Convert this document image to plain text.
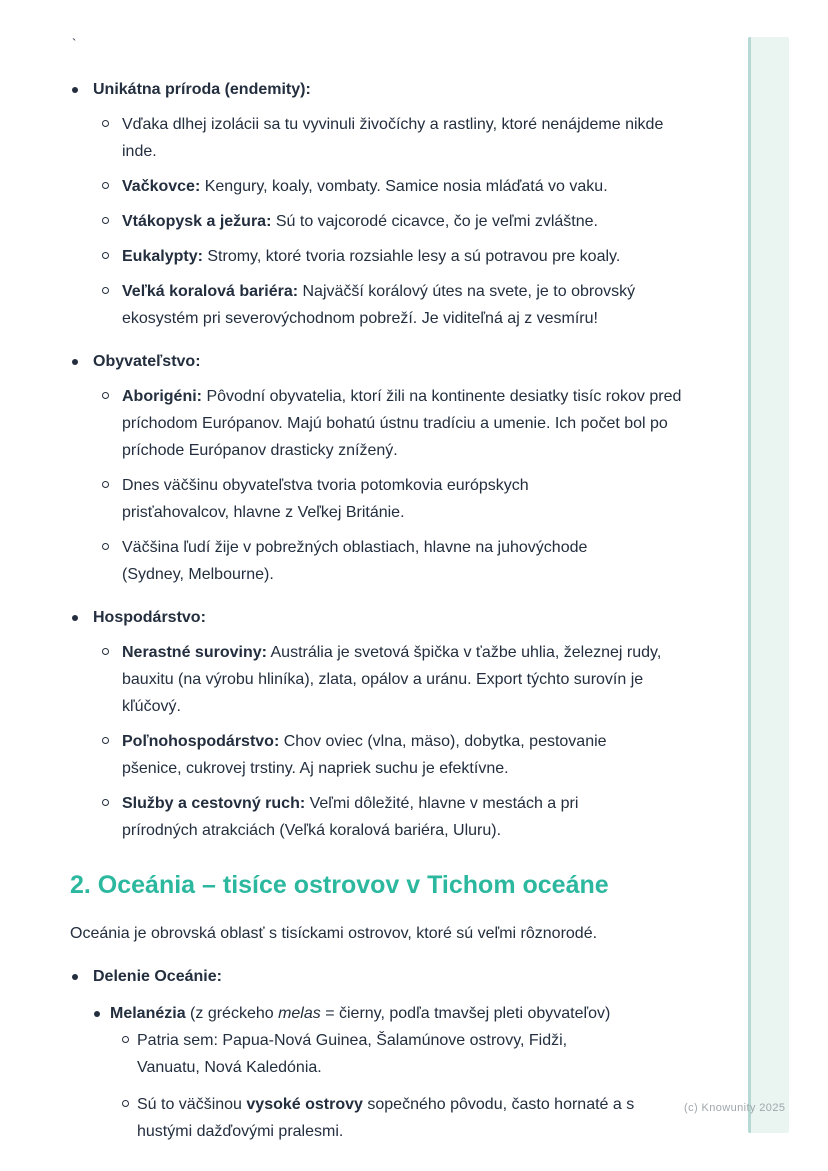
(c) Knowunity 2025
`
Unikátna príroda (endemity):
Vďaka dlhej izolácii sa tu vyvinuli živočíchy a rastliny, ktoré nenájdeme nikde inde.
Vačkovce: Kengury, koaly, vombaty. Samice nosia mláďatá vo vaku.
Vtákopysk a ježura: Sú to vajcorodé cicavce, čo je veľmi zvláštne.
Eukalypty: Stromy, ktoré tvoria rozsiahle lesy a sú potravou pre koaly.
Veľká koralová bariéra: Najväčší korálový útes na svete, je to obrovský ekosystém pri severovýchodnom pobreží. Je viditeľná aj z vesmíru!
Obyvateľstvo:
Aborigéni: Pôvodní obyvatelia, ktorí žili na kontinente desiatky tisíc rokov pred príchodom Európanov. Majú bohatú ústnu tradíciu a umenie. Ich počet bol po príchode Európanov drasticky znížený.
Dnes väčšinu obyvateľstva tvoria potomkovia európskych prisťahovalcov, hlavne z Veľkej Británie.
Väčšina ľudí žije v pobrežných oblastiach, hlavne na juhovýchode (Sydney, Melbourne).
Hospodárstvo:
Nerastné suroviny: Austrália je svetová špička v ťažbe uhlia, železnej rudy, bauxitu (na výrobu hliníka), zlata, opálov a uránu. Export týchto surovín je kľúčový.
Poľnohospodárstvo: Chov oviec (vlna, mäso), dobytka, pestovanie pšenice, cukrovej trstiny. Aj napriek suchu je efektívne.
Služby a cestovný ruch: Veľmi dôležité, hlavne v mestách a pri prírodných atrakciách (Veľká koralová bariéra, Uluru).
2. Oceánia – tisíce ostrovov v Tichom oceáne

Oceánia je obrovská oblasť s tisíckami ostrovov, ktoré sú veľmi rôznorodé.

Delenie Oceánie:
Melanézia (z gréckeho melas = čierny, podľa tmavšej pleti obyvateľov)
Patria sem: Papua-Nová Guinea, Šalamúnove ostrovy, Fidži, Vanuatu, Nová Kaledónia.
Sú to väčšinou vysoké ostrovy sopečného pôvodu, často hornaté a s hustými dažďovými pralesmi.
